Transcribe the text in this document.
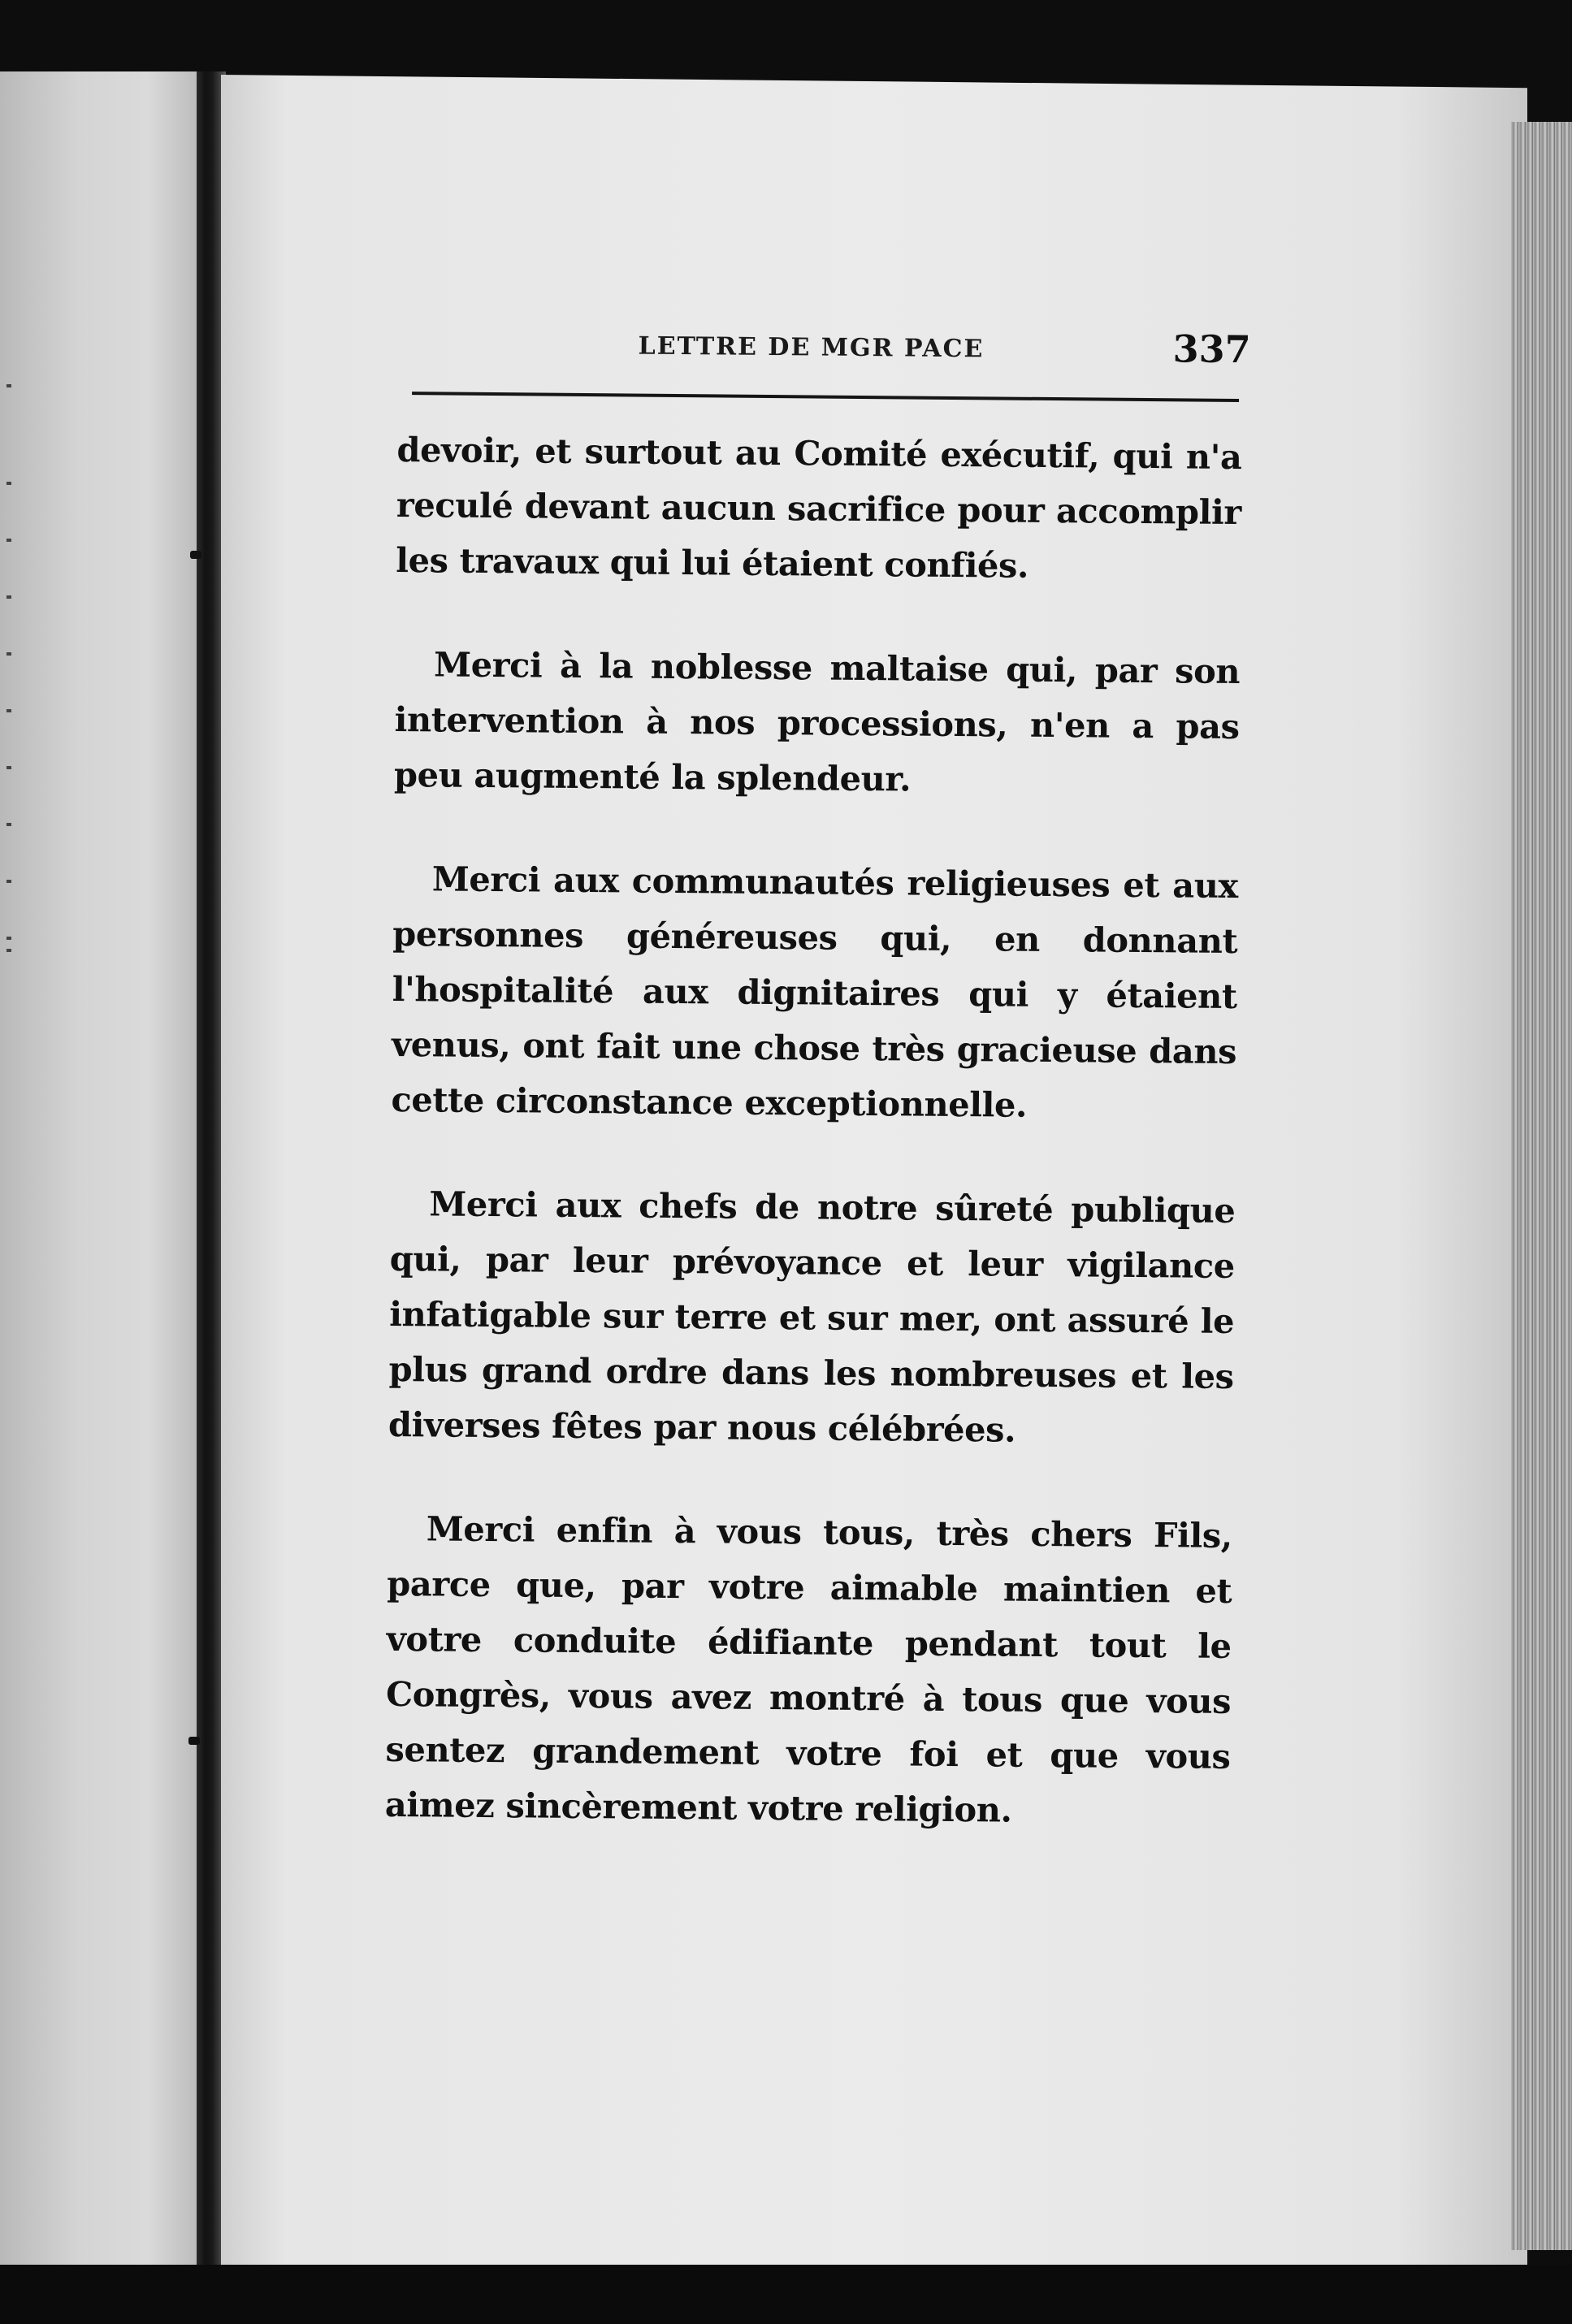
LETTRE DE MGR PACE	337

devoir, et surtout au Comité exécutif, qui n'a reculé devant aucun sacrifice pour accomplir les travaux qui lui étaient confiés.

Merci à la noblesse maltaise qui, par son intervention à nos processions, n'en a pas peu augmenté la splendeur.

Merci aux communautés religieuses et aux personnes généreuses qui, en donnant l'hospitalité aux dignitaires qui y étaient venus, ont fait une chose très gracieuse dans cette circonstance exceptionnelle.

Merci aux chefs de notre sûreté publique qui, par leur prévoyance et leur vigilance infatigable sur terre et sur mer, ont assuré le plus grand ordre dans les nombreuses et les diverses fêtes par nous célébrées.

Merci enfin à vous tous, très chers Fils, parce que, par votre aimable maintien et votre conduite édifiante pendant tout le Congrès, vous avez montré à tous que vous sentez grandement votre foi et que vous aimez sincèrement votre religion.
